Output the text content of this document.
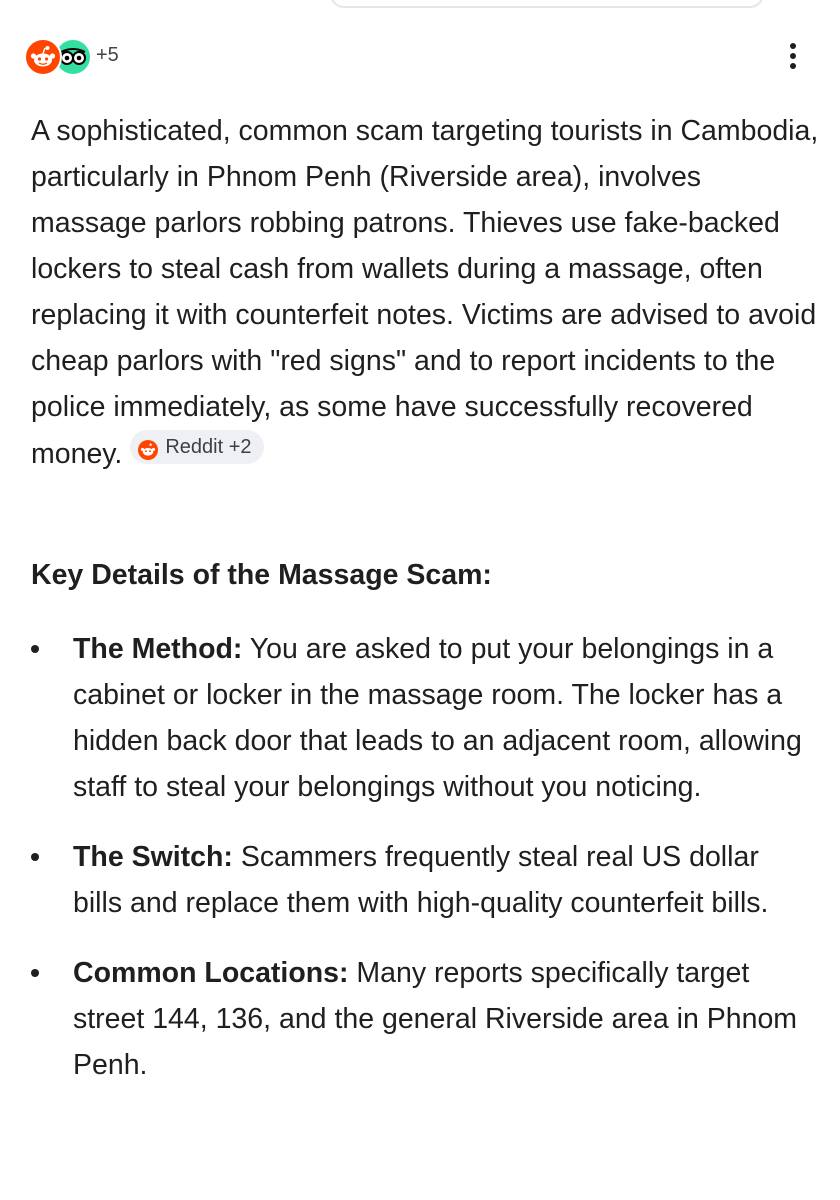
+5

A sophisticated, common scam targeting tourists in Cambodia, particularly in Phnom Penh (Riverside area), involves massage parlors robbing patrons. Thieves use fake-backed lockers to steal cash from wallets during a massage, often replacing it with counterfeit notes. Victims are advised to avoid cheap parlors with "red signs" and to report incidents to the police immediately, as some have successfully recovered money. Reddit +2

Key Details of the Massage Scam:
The Method: You are asked to put your belongings in a cabinet or locker in the massage room. The locker has a hidden back door that leads to an adjacent room, allowing staff to steal your belongings without you noticing.
The Switch: Scammers frequently steal real US dollar bills and replace them with high-quality counterfeit bills.
Common Locations: Many reports specifically target street 144, 136, and the general Riverside area in Phnom Penh.
